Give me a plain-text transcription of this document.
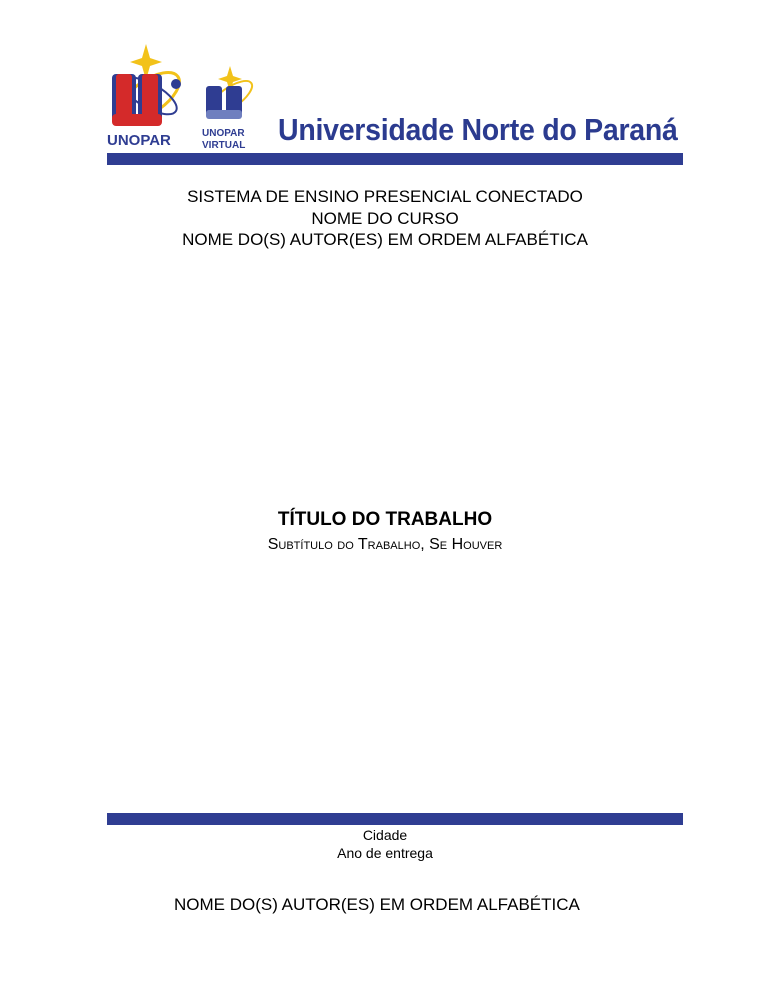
UNOPAR	UNOPAR
VIRTUAL Universidade Norte do Paraná
SISTEMA DE ENSINO PRESENCIAL CONECTADO
NOME DO CURSO
NOME DO(S) AUTOR(ES) EM ORDEM ALFABÉTICA
TÍTULO DO TRABALHO
Subtítulo do Trabalho, Se Houver
Cidade
Ano de entrega
NOME DO(S) AUTOR(ES) EM ORDEM ALFABÉTICA
